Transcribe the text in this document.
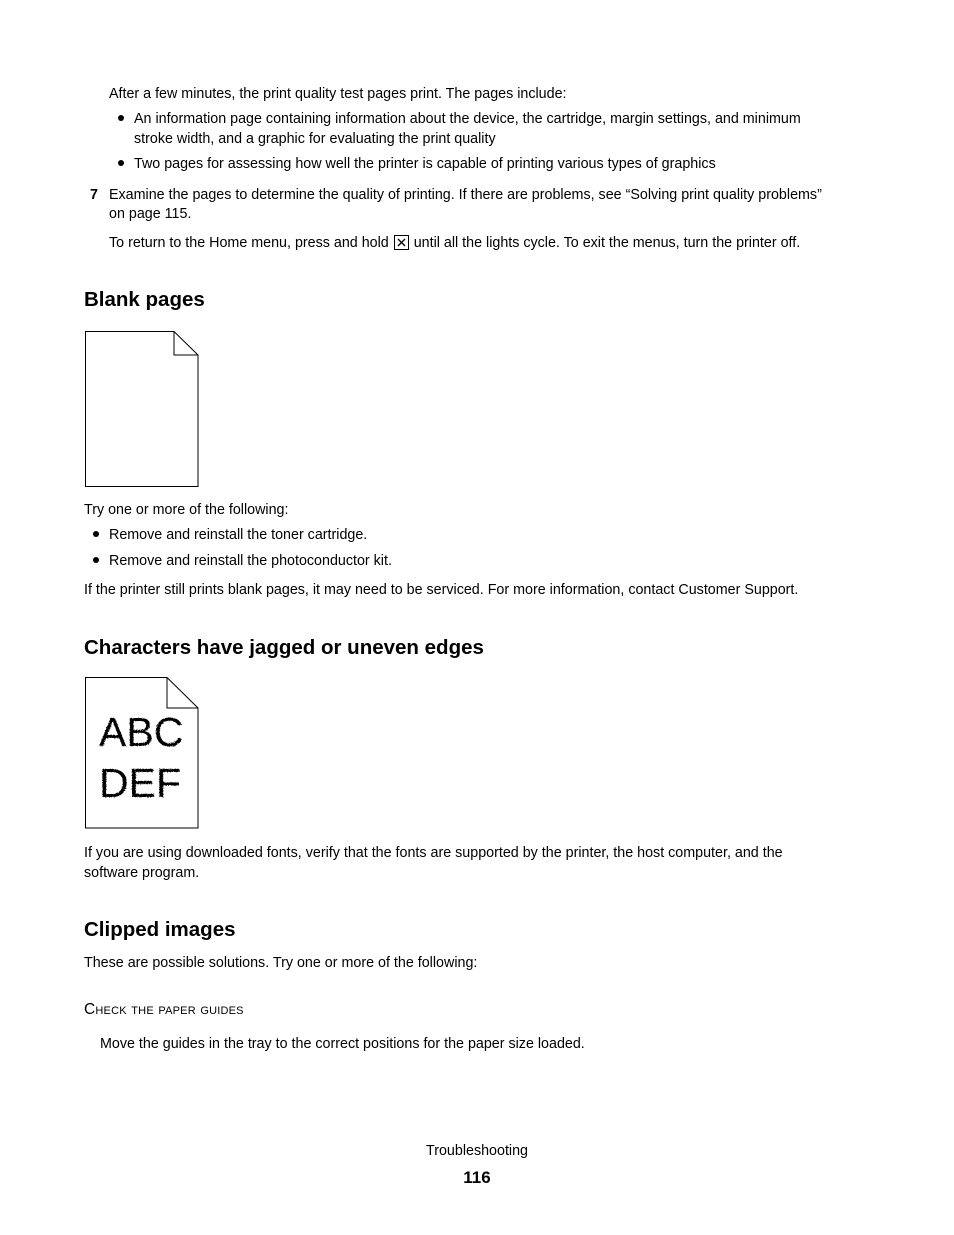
After a few minutes, the print quality test pages print. The pages include:
An information page containing information about the device, the cartridge, margin settings, and minimum
stroke width, and a graphic for evaluating the print quality
Two pages for assessing how well the printer is capable of printing various types of graphics
7 Examine the pages to determine the quality of printing. If there are problems, see “Solving print quality problems”
on page 115.
To return to the Home menu, press and hold
until all the lights cycle. To exit the menus, turn the printer off.
Blank pages
Try one or more of the following:
Remove and reinstall the toner cartridge.
Remove and reinstall the photoconductor kit.
If the printer still prints blank pages, it may need to be serviced. For more information, contact Customer Support.
Characters have jagged or uneven edges
ABC
DEF
If you are using downloaded fonts, verify that the fonts are supported by the printer, the host computer, and the
software program.
Clipped images
These are possible solutions. Try one or more of the following:
Check the paper guides
Move the guides in the tray to the correct positions for the paper size loaded.
Troubleshooting
116
